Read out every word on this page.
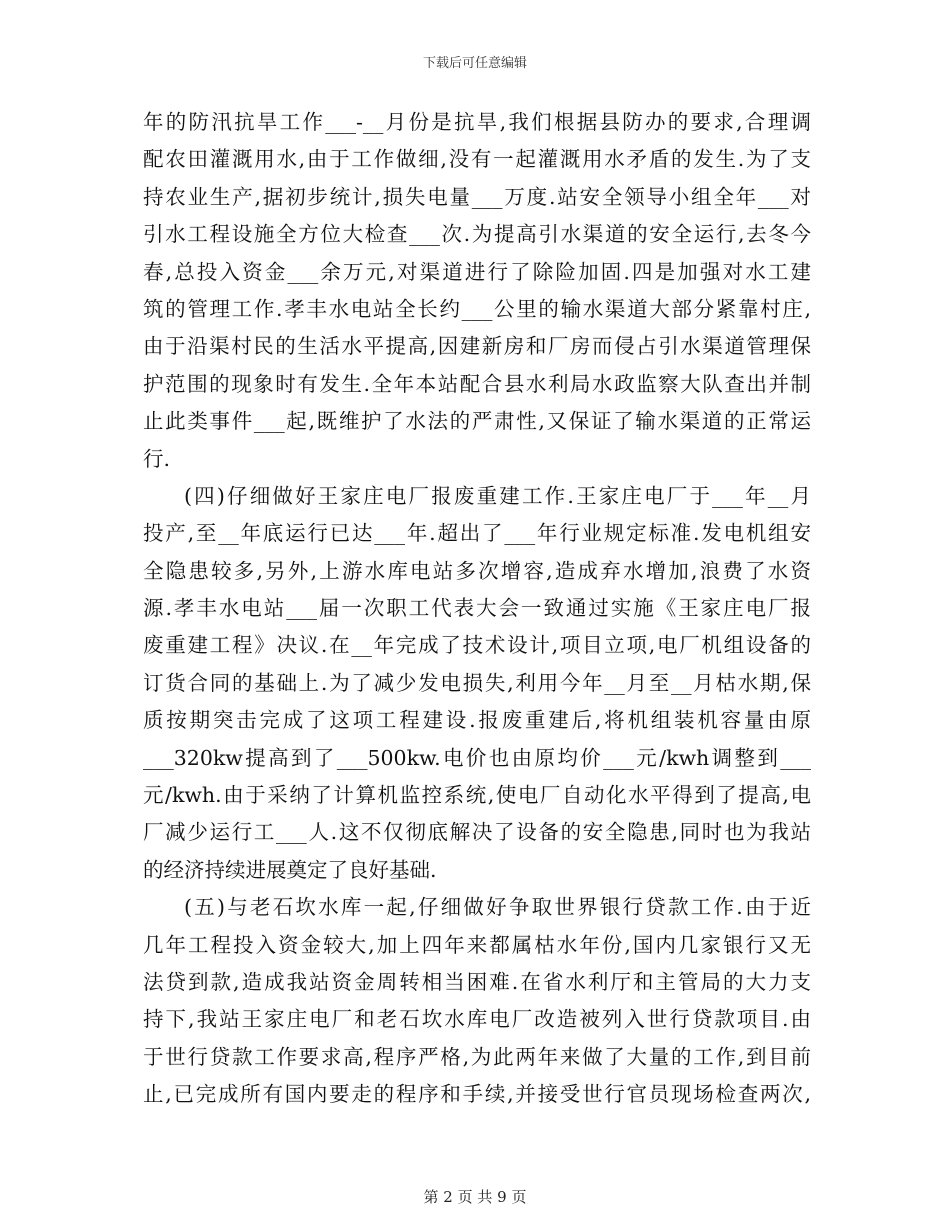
下载后可任意编辑
年的防汛抗旱工作___-__月份是抗旱,我们根据县防办的要求,合理调
配农田灌溉用水,由于工作做细,没有一起灌溉用水矛盾的发生.为了支
持农业生产,据初步统计,损失电量___万度.站安全领导小组全年___对
引水工程设施全方位大检查___次.为提高引水渠道的安全运行,去冬今
春,总投入资金___余万元,对渠道进行了除险加固.四是加强对水工建
筑的管理工作.孝丰水电站全长约___公里的输水渠道大部分紧靠村庄,
由于沿渠村民的生活水平提高,因建新房和厂房而侵占引水渠道管理保
护范围的现象时有发生.全年本站配合县水利局水政监察大队查出并制
止此类事件___起,既维护了水法的严肃性,又保证了输水渠道的正常运
行.
(四)仔细做好王家庄电厂报废重建工作.王家庄电厂于___年__月
投产,至__年底运行已达___年.超出了___年行业规定标准.发电机组安
全隐患较多,另外,上游水库电站多次增容,造成弃水增加,浪费了水资
源.孝丰水电站___届一次职工代表大会一致通过实施《王家庄电厂报
废重建工程》决议.在__年完成了技术设计,项目立项,电厂机组设备的
订货合同的基础上.为了减少发电损失,利用今年__月至__月枯水期,保
质按期突击完成了这项工程建设.报废重建后,将机组装机容量由原
___320kw提高到了___500kw.电价也由原均价___元/kwh调整到___
元/kwh.由于采纳了计算机监控系统,使电厂自动化水平得到了提高,电
厂减少运行工___人.这不仅彻底解决了设备的安全隐患,同时也为我站
的经济持续进展奠定了良好基础.
(五)与老石坎水库一起,仔细做好争取世界银行贷款工作.由于近
几年工程投入资金较大,加上四年来都属枯水年份,国内几家银行又无
法贷到款,造成我站资金周转相当困难.在省水利厅和主管局的大力支
持下,我站王家庄电厂和老石坎水库电厂改造被列入世行贷款项目.由
于世行贷款工作要求高,程序严格,为此两年来做了大量的工作,到目前
止,已完成所有国内要走的程序和手续,并接受世行官员现场检查两次,
第 2 页 共 9 页
